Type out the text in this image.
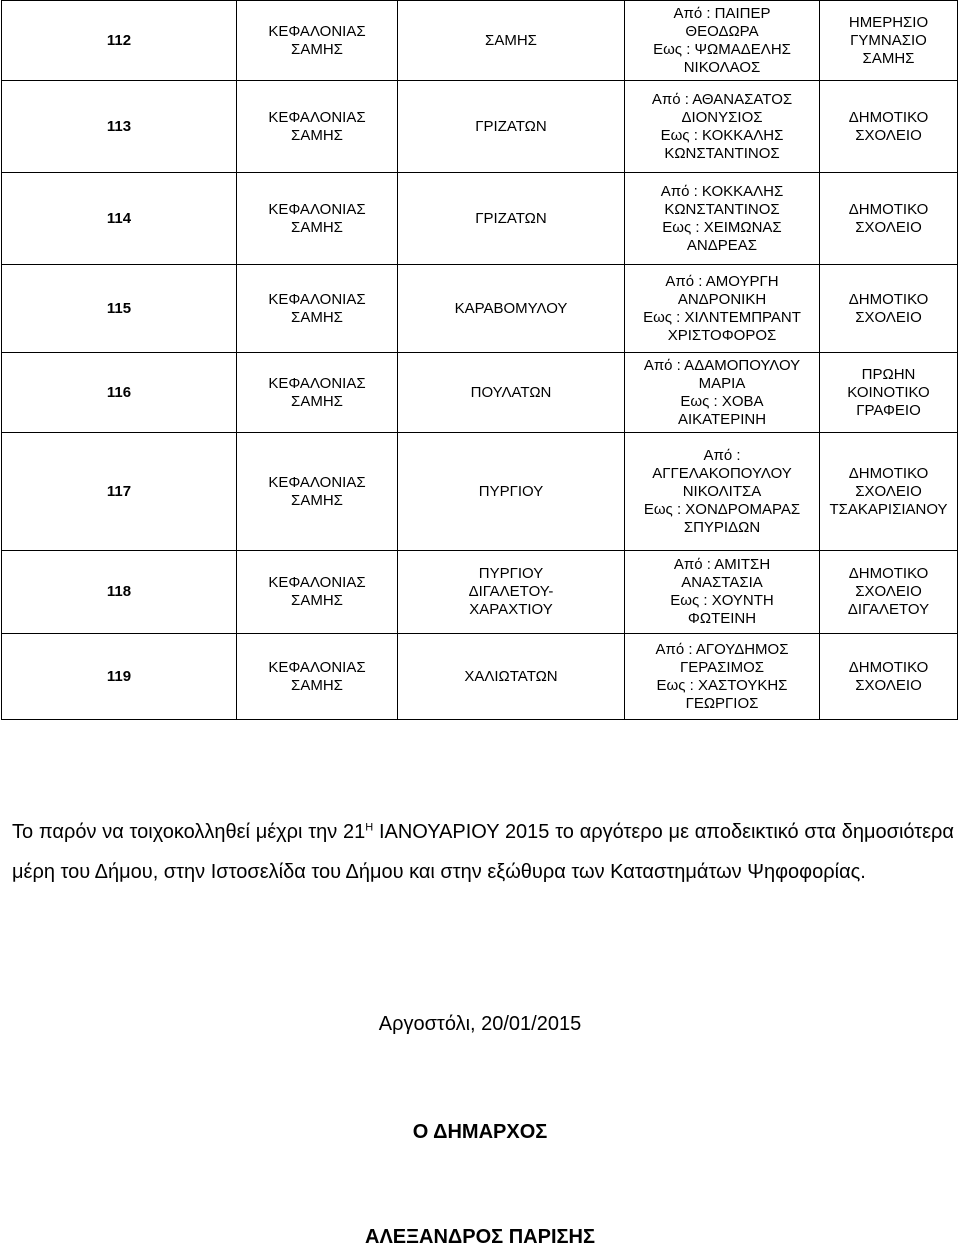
112	ΚΕΦΑΛΟΝΙΑΣ
ΣΑΜΗΣ	ΣΑΜΗΣ	Από : ΠΑΙΠΕΡ
ΘΕΟΔΩΡΑ
Εως : ΨΩΜΑΔΕΛΗΣ
ΝΙΚΟΛΑΟΣ	ΗΜΕΡΗΣΙΟ
ΓΥΜΝΑΣΙΟ
ΣΑΜΗΣ

113	ΚΕΦΑΛΟΝΙΑΣ
ΣΑΜΗΣ	ΓΡΙΖΑΤΩΝ	Από : ΑΘΑΝΑΣΑΤΟΣ
ΔΙΟΝΥΣΙΟΣ
Εως : ΚΟΚΚΑΛΗΣ
ΚΩΝΣΤΑΝΤΙΝΟΣ	ΔΗΜΟΤΙΚΟ
ΣΧΟΛΕΙΟ

114	ΚΕΦΑΛΟΝΙΑΣ
ΣΑΜΗΣ	ΓΡΙΖΑΤΩΝ	Από : ΚΟΚΚΑΛΗΣ
ΚΩΝΣΤΑΝΤΙΝΟΣ
Εως : ΧΕΙΜΩΝΑΣ
ΑΝΔΡΕΑΣ	ΔΗΜΟΤΙΚΟ
ΣΧΟΛΕΙΟ

115	ΚΕΦΑΛΟΝΙΑΣ
ΣΑΜΗΣ	ΚΑΡΑΒΟΜΥΛΟΥ	Από : ΑΜΟΥΡΓΗ
ΑΝΔΡΟΝΙΚΗ
Εως : ΧΙΛΝΤΕΜΠΡΑΝΤ
ΧΡΙΣΤΟΦΟΡΟΣ	ΔΗΜΟΤΙΚΟ
ΣΧΟΛΕΙΟ

116	ΚΕΦΑΛΟΝΙΑΣ
ΣΑΜΗΣ	ΠΟΥΛΑΤΩΝ	Από : ΑΔΑΜΟΠΟΥΛΟΥ
ΜΑΡΙΑ
Εως : ΧΟΒΑ
ΑΙΚΑΤΕΡΙΝΗ	ΠΡΩΗΝ
ΚΟΙΝΟΤΙΚΟ
ΓΡΑΦΕΙΟ

117	ΚΕΦΑΛΟΝΙΑΣ
ΣΑΜΗΣ	ΠΥΡΓΙΟΥ	Από :
ΑΓΓΕΛΑΚΟΠΟΥΛΟΥ
ΝΙΚΟΛΙΤΣΑ
Εως : ΧΟΝΔΡΟΜΑΡΑΣ
ΣΠΥΡΙΔΩΝ	ΔΗΜΟΤΙΚΟ
ΣΧΟΛΕΙΟ
ΤΣΑΚΑΡΙΣΙΑΝΟΥ

118	ΚΕΦΑΛΟΝΙΑΣ
ΣΑΜΗΣ	ΠΥΡΓΙΟΥ
ΔΙΓΑΛΕΤΟΥ-
ΧΑΡΑΧΤΙΟΥ	Από : ΑΜΙΤΣΗ
ΑΝΑΣΤΑΣΙΑ
Εως : ΧΟΥΝΤΗ
ΦΩΤΕΙΝΗ	ΔΗΜΟΤΙΚΟ
ΣΧΟΛΕΙΟ
ΔΙΓΑΛΕΤΟΥ

119	ΚΕΦΑΛΟΝΙΑΣ
ΣΑΜΗΣ	ΧΑΛΙΩΤΑΤΩΝ	Από : ΑΓΟΥΔΗΜΟΣ
ΓΕΡΑΣΙΜΟΣ
Εως : ΧΑΣΤΟΥΚΗΣ
ΓΕΩΡΓΙΟΣ	ΔΗΜΟΤΙΚΟ
ΣΧΟΛΕΙΟ
Το παρόν να τοιχοκολληθεί μέχρι την $21^H$ ΙΑΝΟΥΑΡΙΟΥ 2015 το αργότερο με αποδεικτικό στα δημοσιότερα μέρη του Δήμου, στην Ιστοσελίδα του Δήμου και στην εξώθυρα των Καταστημάτων Ψηφοφορίας.
Αργοστόλι, 20/01/2015
Ο ΔΗΜΑΡΧΟΣ
ΑΛΕΞΑΝΔΡΟΣ ΠΑΡΙΣΗΣ
